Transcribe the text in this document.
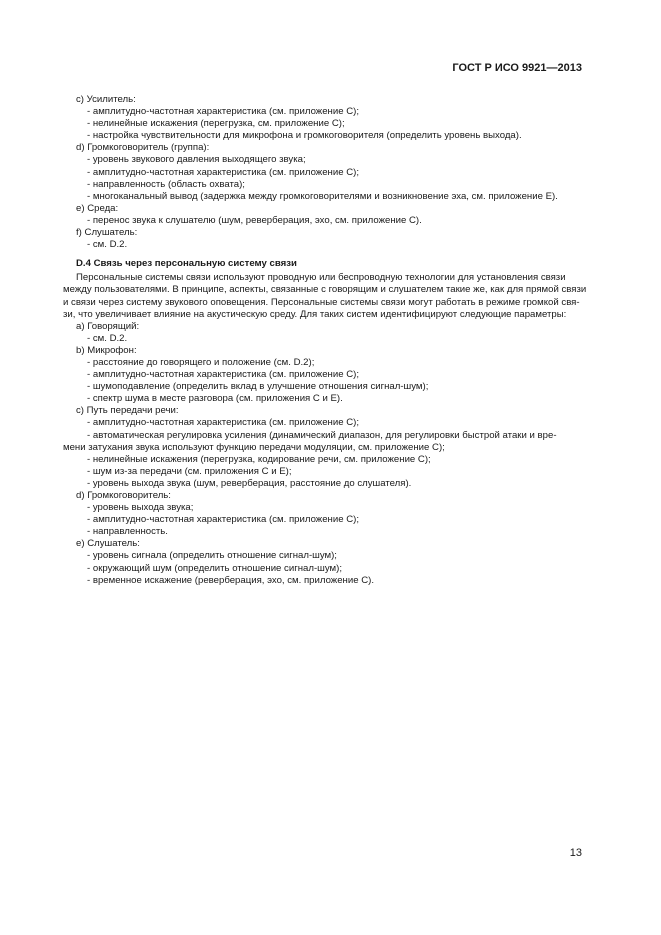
ГОСТ Р ИСО 9921—2013
c) Усилитель:
- амплитудно-частотная характеристика (см. приложение С);
- нелинейные искажения (перегрузка, см. приложение С);
- настройка чувствительности для микрофона и громкоговорителя (определить уровень выхода).
d) Громкоговоритель (группа):
- уровень звукового давления выходящего звука;
- амплитудно-частотная характеристика (см. приложение С);
- направленность (область охвата);
- многоканальный вывод (задержка между громкоговорителями и возникновение эха, см. приложение Е).
e) Среда:
- перенос звука к слушателю (шум, реверберация, эхо, см. приложение С).
f) Слушатель:
- см. D.2.
D.4 Связь через персональную систему связи
Персональные системы связи используют проводную или беспроводную технологии для установления связи
между пользователями. В принципе, аспекты, связанные с говорящим и слушателем такие же, как для прямой связи
и связи через систему звукового оповещения. Персональные системы связи могут работать в режиме громкой свя-
зи, что увеличивает влияние на акустическую среду. Для таких систем идентифицируют следующие параметры:
a) Говорящий:
- см. D.2.
b) Микрофон:
- расстояние до говорящего и положение (см. D.2);
- амплитудно-частотная характеристика (см. приложение С);
- шумоподавление (определить вклад в улучшение отношения сигнал-шум);
- спектр шума в месте разговора (см. приложения С и Е).
c) Путь передачи речи:
- амплитудно-частотная характеристика (см. приложение С);
- автоматическая регулировка усиления (динамический диапазон, для регулировки быстрой атаки и вре-
мени затухания звука используют функцию передачи модуляции, см. приложение С);
- нелинейные искажения (перегрузка, кодирование речи, см. приложение С);
- шум из-за передачи (см. приложения С и Е);
- уровень выхода звука (шум, реверберация, расстояние до слушателя).
d) Громкоговоритель:
- уровень выхода звука;
- амплитудно-частотная характеристика (см. приложение С);
- направленность.
e) Слушатель:
- уровень сигнала (определить отношение сигнал-шум);
- окружающий шум (определить отношение сигнал-шум);
- временное искажение (реверберация, эхо, см. приложение С).
13
